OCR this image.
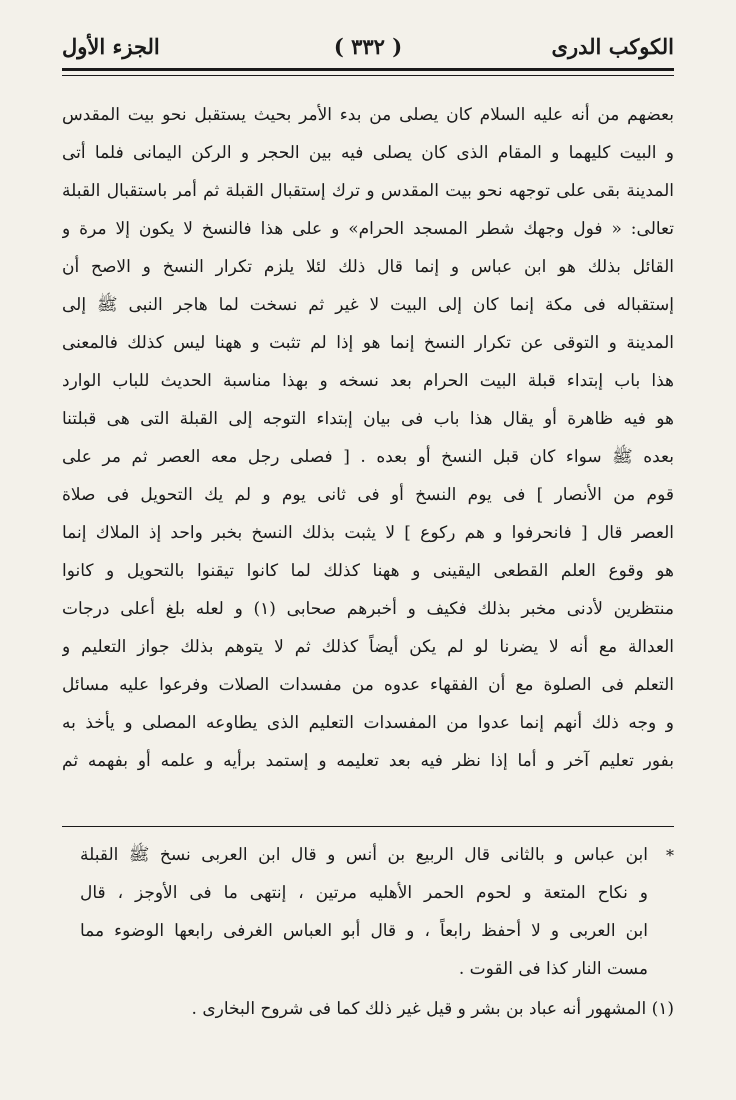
الكوكب الدرى
( ٣٣٢ )
الجزء الأول
بعضهم من أنه عليه السلام كان يصلى من بدء الأمر بحيث يستقبل نحو بيت المقدس
و البيت كليهما و المقام الذى كان يصلى فيه بين الحجر و الركن اليمانى فلما أتى
المدينة بقى على توجهه نحو بيت المقدس و ترك إستقبال القبلة ثم أمر باستقبال القبلة
تعالى: « فول وجهك شطر المسجد الحرام» و على هذا فالنسخ لا يكون إلا مرة و
القائل بذلك هو ابن عباس و إنما قال ذلك لئلا يلزم تكرار النسخ و الاصح أن
إستقباله فى مكة إنما كان إلى البيت لا غير ثم نسخت لما هاجر النبى ﷺ إلى
المدينة و التوقى عن تكرار النسخ إنما هو إذا لم تثبت و ههنا ليس كذلك فالمعنى
هذا باب إبتداء قبلة البيت الحرام بعد نسخه و بهذا مناسبة الحديث للباب الوارد
هو فيه ظاهرة أو يقال هذا باب فى بيان إبتداء التوجه إلى القبلة التى هى قبلتنا
بعده ﷺ سواء كان قبل النسخ أو بعده . [ فصلى رجل معه العصر ثم مر على
قوم من الأنصار ] فى يوم النسخ أو فى ثانى يوم و لم يك التحويل فى صلاة
العصر قال [ فانحرفوا و هم ركوع ] لا يثبت بذلك النسخ بخبر واحد إذ الملاك إنما
هو وقوع العلم القطعى اليقينى و ههنا كذلك لما كانوا تيقنوا بالتحويل و كانوا
منتظرين لأدنى مخبر بذلك فكيف و أخبرهم صحابى (١) و لعله بلغ أعلى درجات
العدالة مع أنه لا يضرنا لو لم يكن أيضاً كذلك ثم لا يتوهم بذلك جواز التعليم و
التعلم فى الصلوة مع أن الفقهاء عدوه من مفسدات الصلات وفرعوا عليه مسائل
و وجه ذلك أنهم إنما عدوا من المفسدات التعليم الذى يطاوعه المصلى و يأخذ به
بفور تعليم آخر و أما إذا نظر فيه بعد تعليمه و إستمد برأيه و علمه أو بفهمه ثم
*
ابن عباس و بالثانى قال الربيع بن أنس و قال ابن العربى نسخ ﷺ القبلة
و نكاح المتعة و لحوم الحمر الأهليه مرتين ، إنتهى ما فى الأوجز ، قال
ابن العربى و لا أحفظ رابعاً ، و قال أبو العباس الغرفى رابعها الوضوء مما
مست النار كذا فى القوت .
(١) المشهور أنه عباد بن بشر و قيل غير ذلك كما فى شروح البخارى .
